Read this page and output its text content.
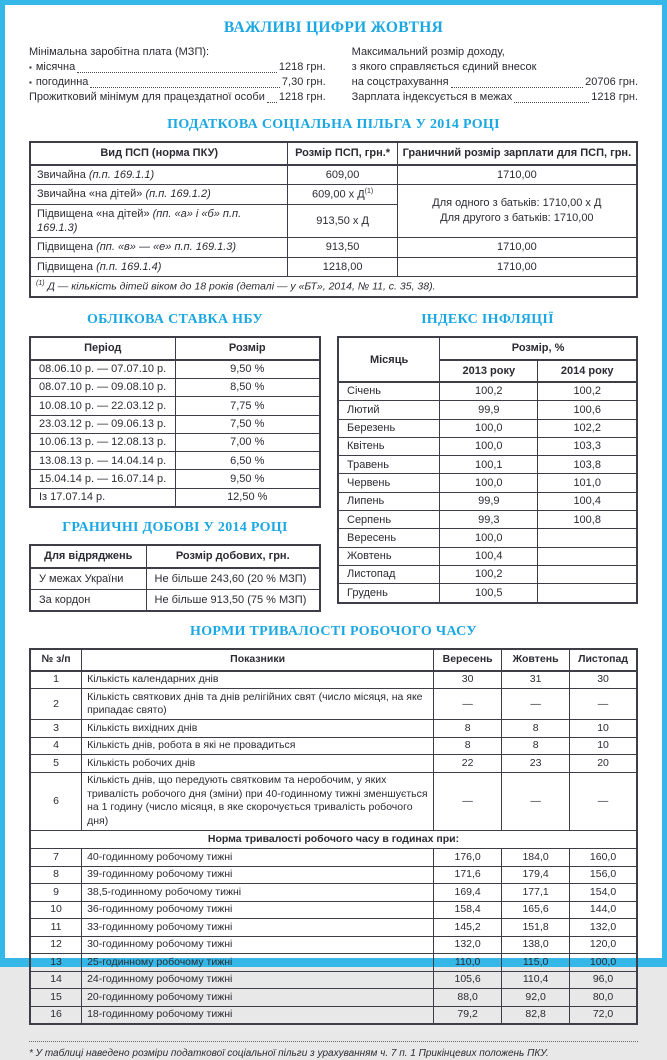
ВАЖЛИВІ ЦИФРИ ЖОВТНЯ
Мінімальна заробітна плата (МЗП):
▪ місячна	1218 грн.
▪ погодинна	7,30 грн.
Прожитковий мінімум для працездатної особи 1218 грн.
Максимальний розмір доходу,
з якого справляється єдиний внесок
на соцстрахування	20706 грн.
Зарплата індексується в межах	1218 грн.
ПОДАТКОВА СОЦІАЛЬНА ПІЛЬГА У 2014 РОЦІ
Вид ПСП (норма ПКУ)	Розмір ПСП, грн.*	Граничний розмір зарплати для ПСП, грн.
Звичайна (п.п. 169.1.1)	609,00	1710,00
Звичайна «на дітей» (п.п. 169.1.2)	609,00 х $Д^{(1)}$	Для одного з батьків: 1710,00 х Д
Для другого з батьків: 1710,00

Підвищена «на дітей» (пп. «а» і «б» п.п. 169.1.3)	913,50 х Д	
Підвищена (пп. «в» — «е» п.п. 169.1.3)	913,50	1710,00
Підвищена (п.п. 169.1.4)	1218,00	1710,00
$^{(1)}$ Д — кількість дітей віком до 18 років (деталі — у «БТ», 2014, № 11, с. 35, 38).		
ОБЛІКОВА СТАВКА НБУ
Період	Розмір
08.06.10 р. — 07.07.10 р.	9,50 %
08.07.10 р. — 09.08.10 р.	8,50 %
10.08.10 р. — 22.03.12 р.	7,75 %
23.03.12 р. — 09.06.13 р.	7,50 %
10.06.13 р. — 12.08.13 р.	7,00 %
13.08.13 р. — 14.04.14 р.	6,50 %
15.04.14 р. — 16.07.14 р.	9,50 %
Із 17.07.14 р.	12,50 %
ГРАНИЧНІ ДОБОВІ У 2014 РОЦІ
Для відряджень	Розмір добових, грн.
У межах України	Не більше 243,60 (20 % МЗП)
За кордон	Не більше 913,50 (75 % МЗП)
ІНДЕКС ІНФЛЯЦІЇ
Місяць	Розмір, %	
	2013 року	2014 року
Січень	100,2	100,2
Лютий	99,9	100,6
Березень	100,0	102,2
Квітень	100,0	103,3
Травень	100,1	103,8
Червень	100,0	101,0
Липень	99,9	100,4
Серпень	99,3	100,8
Вересень	100,0	
Жовтень	100,4	
Листопад	100,2	
Грудень	100,5	
НОРМИ ТРИВАЛОСТІ РОБОЧОГО ЧАСУ
№ з/п	Показники	Вересень	Жовтень	Листопад
1	Кількість календарних днів	30	31	30
2	Кількість святкових днів та днів релігійних свят (число місяця, на яке припадає свято)	—	—	—
3	Кількість вихідних днів	8	8	10
4	Кількість днів, робота в які не провадиться	8	8	10
5	Кількість робочих днів	22	23	20
6	Кількість днів, що передують святковим та неробочим, у яких тривалість робочого дня (зміни) при 40-годинному тижні зменшується на 1 годину (число місяця, в яке скорочується тривалість робочого дня)	—	—	—
Норма тривалості робочого часу в годинах при:				
7	40-годинному робочому тижні	176,0	184,0	160,0
8	39-годинному робочому тижні	171,6	179,4	156,0
9	38,5-годинному робочому тижні	169,4	177,1	154,0
10	36-годинному робочому тижні	158,4	165,6	144,0
11	33-годинному робочому тижні	145,2	151,8	132,0
12	30-годинному робочому тижні	132,0	138,0	120,0
13	25-годинному робочому тижні	110,0	115,0	100,0
14	24-годинному робочому тижні	105,6	110,4	96,0
15	20-годинному робочому тижні	88,0	92,0	80,0
16	18-годинному робочому тижні	79,2	82,8	72,0
* У таблиці наведено розміри податкової соціальної пільги з урахуванням ч. 7 п. 1 Прикінцевих положень ПКУ.
